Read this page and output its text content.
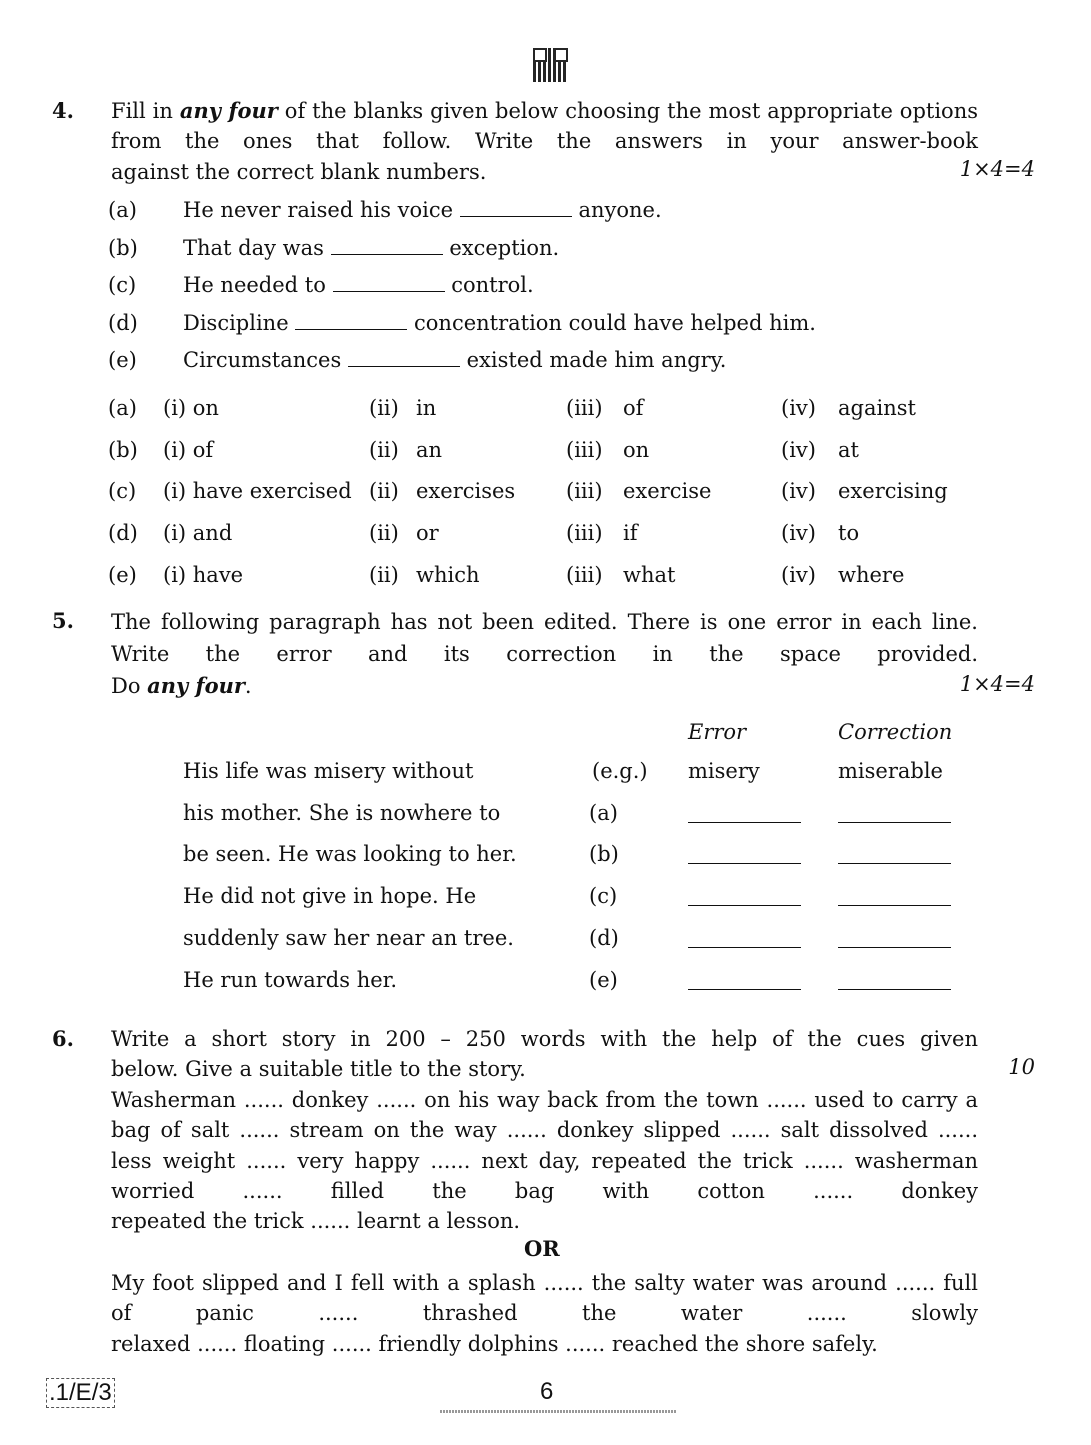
4. Fill in any four of the blanks given below choosing the most appropriate options from the ones that follow. Write the answers in your answer-book
against the correct blank numbers.	1×4=4
5. The following paragraph has not been edited. There is one error in each line. Write the error and its correction in the space provided.
Do any four.	1×4=4
Error	Correction
6. Write a short story in 200 – 250 words with the help of the cues given
below. Give a suitable title to the story.	10
Washerman ...... donkey ...... on his way back from the town ...... used to carry a bag of salt ...... stream on the way ...... donkey slipped ...... salt dissolved ...... less weight ...... very happy ...... next day, repeated the trick ...... washerman worried ...... filled the bag with cotton ...... donkey
repeated the trick ...... learnt a lesson.
OR
My foot slipped and I fell with a splash ...... the salty water was around ...... full of panic ...... thrashed the water ...... slowly
relaxed ...... floating ...... friendly dolphins ...... reached the shore safely.
.1/E/3	6
(a) He never raised his voice	anyone.
(b) That day was	exception.
(c) He needed to	control.
(d) Discipline	concentration could have helped him.
(e) Circumstances	existed made him angry.
(a) (i) on	(ii) in	(iii) of	(iv) against
(b) (i) of	(ii) an	(iii) on	(iv) at
(c) (i) have exercised (ii) exercises (iii) exercise	(iv) exercising
(d) (i) and	(ii) or	(iii) if	(iv) to
(e) (i) have	(ii) which	(iii) what	(iv) where
His life was misery without	(e.g.) misery	miserable
his mother. She is nowhere to	(a)
be seen. He was looking to her.	(b)
He did not give in hope. He	(c)
suddenly saw her near an tree.	(d)
He run towards her.	(e)
